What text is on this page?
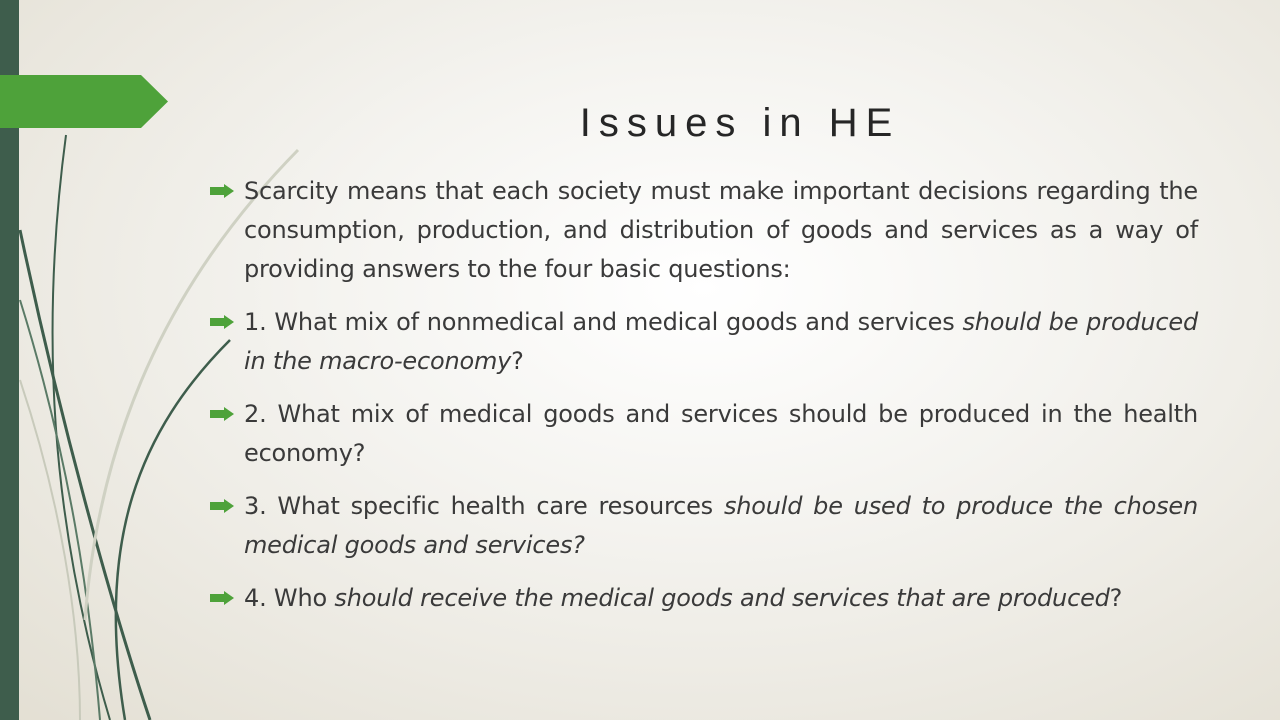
Issues in HE
Scarcity means that each society must make important decisions regarding the consumption, production, and distribution of goods and services as a way of providing answers to the four basic questions:
1. What mix of nonmedical and medical goods and services should be produced in the macro-economy?
2. What mix of medical goods and services should be produced in the health economy?
3. What specific health care resources should be used to produce the chosen medical goods and services?
4. Who should receive the medical goods and services that are produced?
